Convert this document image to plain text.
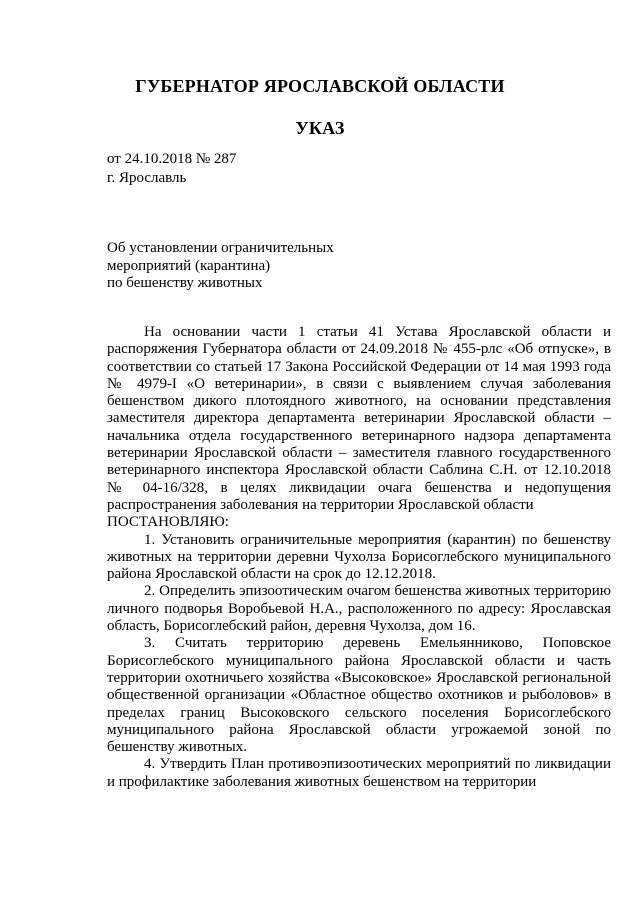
ГУБЕРНАТОР ЯРОСЛАВСКОЙ ОБЛАСТИ
УКАЗ
от 24.10.2018 № 287
г. Ярославль
Об установлении ограничительных
мероприятий (карантина)
по бешенству животных

На основании части 1 статьи 41 Устава Ярославской области и распоряжения Губернатора области от 24.09.2018 № 455-рлс «Об отпуске», в соответствии со статьей 17 Закона Российской Федерации от 14 мая 1993 года № 4979-I «О ветеринарии», в связи с выявлением случая заболевания бешенством дикого плотоядного животного, на основании представления заместителя директора департамента ветеринарии Ярославской области – начальника отдела государственного ветеринарного надзора департамента ветеринарии Ярославской области – заместителя главного государственного ветеринарного инспектора Ярославской области Саблина С.Н. от 12.10.2018 № 04-16/328, в целях ликвидации очага бешенства и недопущения распространения заболевания на территории Ярославской области

ПОСТАНОВЛЯЮ:

1. Установить ограничительные мероприятия (карантин) по бешенству животных на территории деревни Чухолза Борисоглебского муниципального района Ярославской области на срок до 12.12.2018.

2. Определить эпизоотическим очагом бешенства животных территорию личного подворья Воробьевой Н.А., расположенного по адресу: Ярославская область, Борисоглебский район, деревня Чухолза, дом 16.

3. Считать территорию деревень Емельянниково, Поповское Борисоглебского муниципального района Ярославской области и часть территории охотничьего хозяйства «Высоковское» Ярославской региональной общественной организации «Областное общество охотников и рыболовов» в пределах границ Высоковского сельского поселения Борисоглебского муниципального района Ярославской области угрожаемой зоной по бешенству животных.

4. Утвердить План противоэпизоотических мероприятий по ликвидации и профилактике заболевания животных бешенством на территории
